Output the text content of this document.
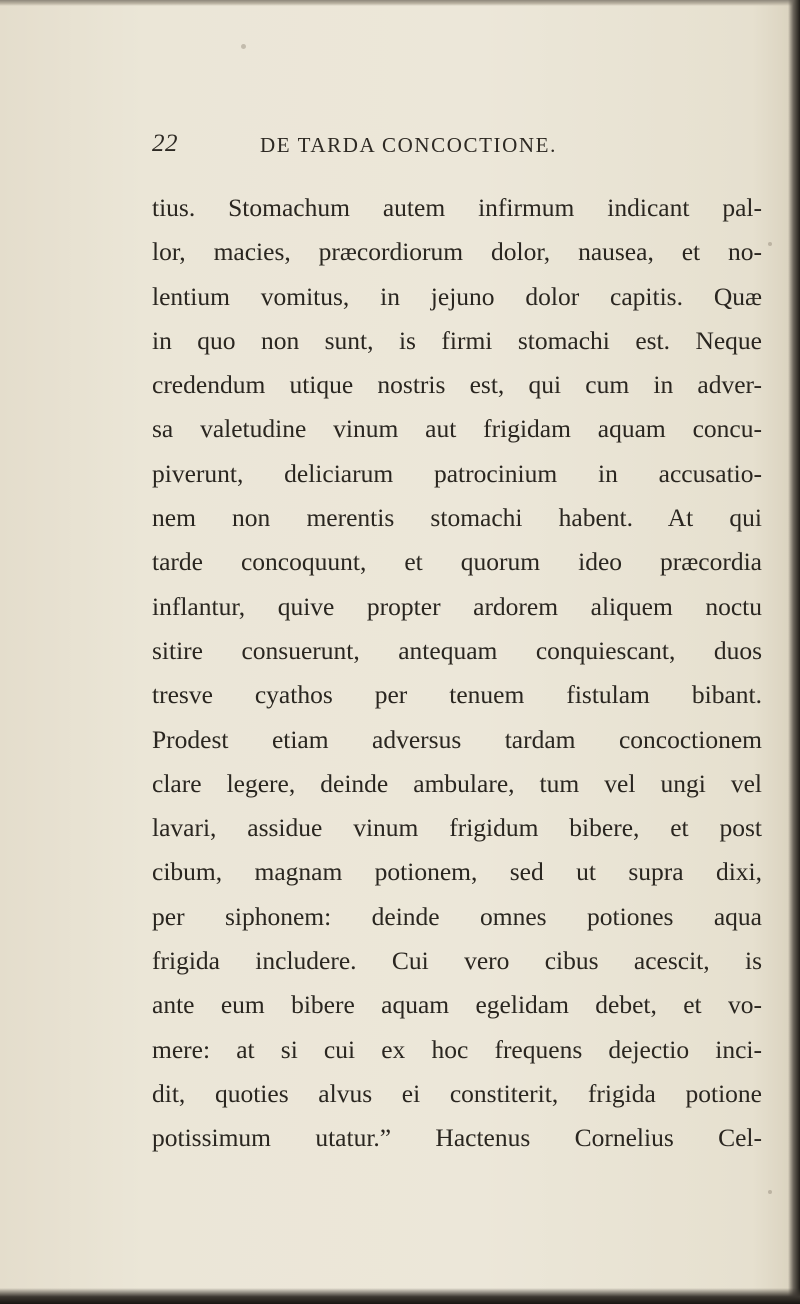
22	DE TARDA CONCOCTIONE.
tius. Stomachum autem infirmum indicant pal-
lor, macies, præcordiorum dolor, nausea, et no-
lentium vomitus, in jejuno dolor capitis. Quæ
in quo non sunt, is firmi stomachi est. Neque
credendum utique nostris est, qui cum in adver-
sa valetudine vinum aut frigidam aquam concu-
piverunt, deliciarum patrocinium in accusatio-
nem non merentis stomachi habent. At qui
tarde concoquunt, et quorum ideo præcordia
inflantur, quive propter ardorem aliquem noctu
sitire consuerunt, antequam conquiescant, duos
tresve cyathos per tenuem fistulam bibant.
Prodest etiam adversus tardam concoctionem
clare legere, deinde ambulare, tum vel ungi vel
lavari, assidue vinum frigidum bibere, et post
cibum, magnam potionem, sed ut supra dixi,
per siphonem: deinde omnes potiones aqua
frigida includere. Cui vero cibus acescit, is
ante eum bibere aquam egelidam debet, et vo-
mere: at si cui ex hoc frequens dejectio inci-
dit, quoties alvus ei constiterit, frigida potione
potissimum utatur.” Hactenus Cornelius Cel-
